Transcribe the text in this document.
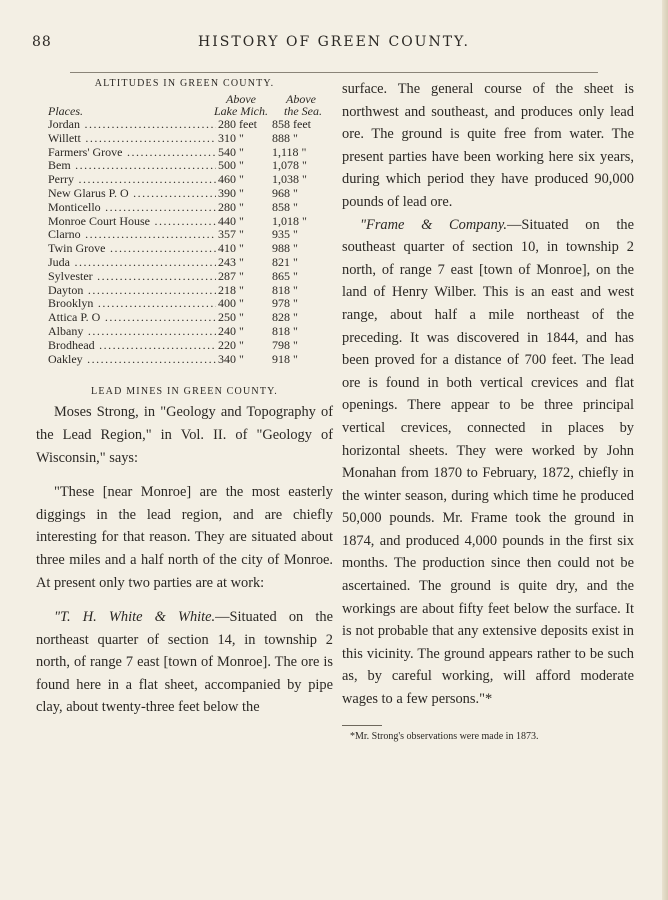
88	HISTORY OF GREEN COUNTY.
ALTITUDES IN GREEN COUNTY.
Places.
Above
Lake Mich.
Above
the Sea.
Jordan .....	280 feet	858 feet
Willett .....	310 "	888 "
Farmers' Grove .....	540 "	1,118 "
Bem .....	500 "	1,078 "
Perry .....	460 "	1,038 "
New Glarus P. O .....	390 "	968 "
Monticello .....	280 "	858 "
Monroe Court House .....	440 "	1,018 "
Clarno .....	357 "	935 "
Twin Grove .....	410 "	988 "
Juda .....	243 "	821 "
Sylvester .....	287 "	865 "
Dayton .....	218 "	818 "
Brooklyn .....	400 "	978 "
Attica P. O .....	250 "	828 "
Albany .....	240 "	818 "
Brodhead .....	220 "	798 "
Oakley .....	340 "	918 "
LEAD MINES IN GREEN COUNTY.

Moses Strong, in "Geology and Topography of the Lead Region," in Vol. II. of "Geology of Wisconsin," says:

"These [near Monroe] are the most easterly diggings in the lead region, and are chiefly interesting for that reason. They are situated about three miles and a half north of the city of Monroe. At present only two parties are at work:

"T. H. White & White.—Situated on the northeast quarter of section 14, in township 2 north, of range 7 east [town of Monroe]. The ore is found here in a flat sheet, accompanied by pipe clay, about twenty-three feet below the

surface. The general course of the sheet is northwest and southeast, and produces only lead ore. The ground is quite free from water. The present parties have been working here six years, during which period they have produced 90,000 pounds of lead ore.

"Frame & Company.—Situated on the southeast quarter of section 10, in township 2 north, of range 7 east [town of Monroe], on the land of Henry Wilber. This is an east and west range, about half a mile northeast of the preceding. It was discovered in 1844, and has been proved for a distance of 700 feet. The lead ore is found in both vertical crevices and flat openings. There appear to be three principal vertical crevices, connected in places by horizontal sheets. They were worked by John Monahan from 1870 to February, 1872, chiefly in the winter season, during which time he produced 50,000 pounds. Mr. Frame took the ground in 1874, and produced 4,000 pounds in the first six months. The production since then could not be ascertained. The ground is quite dry, and the workings are about fifty feet below the surface. It is not probable that any extensive deposits exist in this vicinity. The ground appears rather to be such as, by careful working, will afford moderate wages to a few persons."*

*Mr. Strong's observations were made in 1873.
